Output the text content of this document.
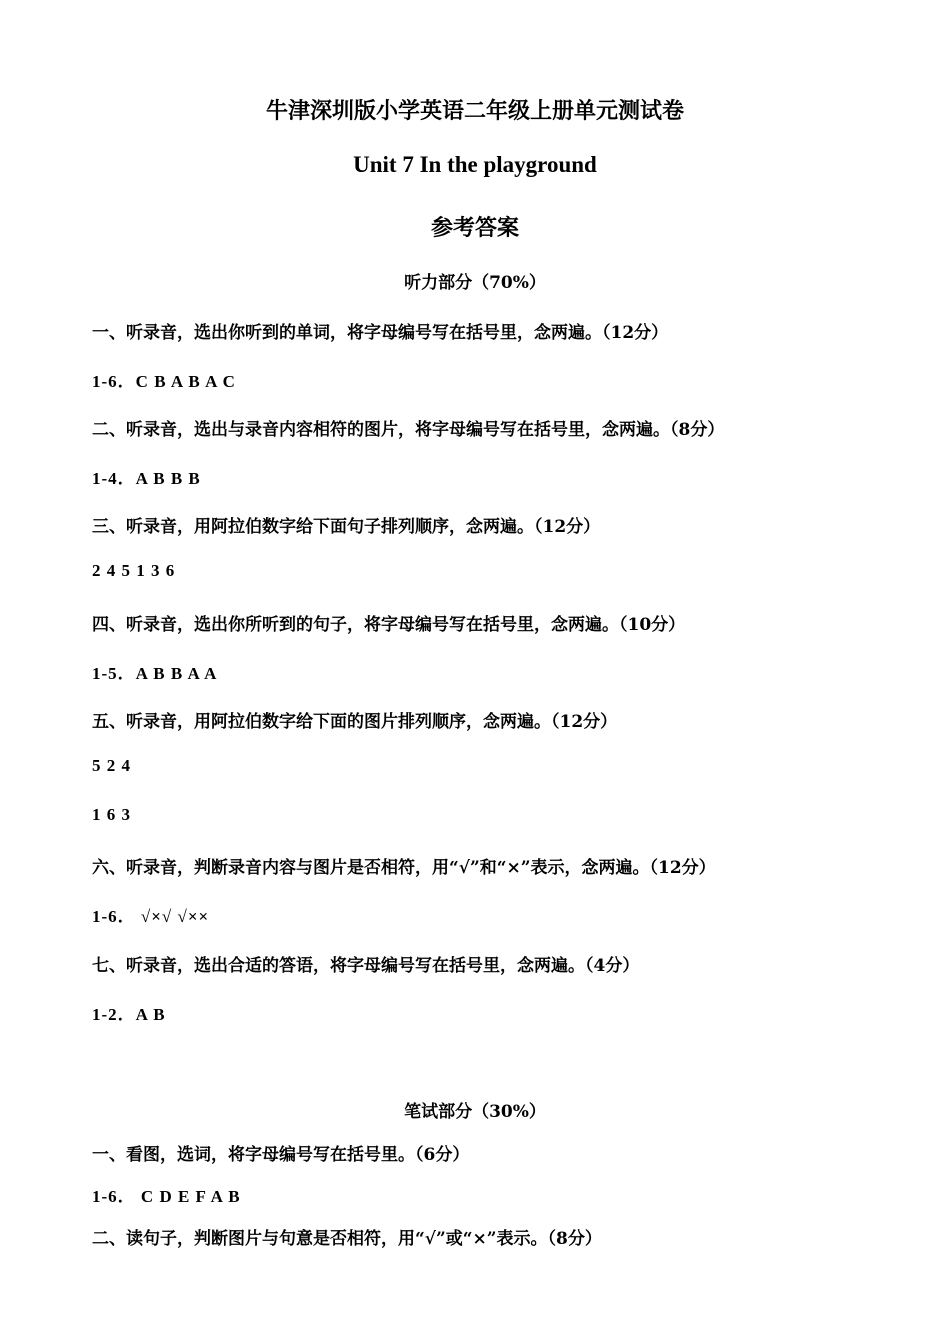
牛津深圳版小学英语二年级上册单元测试卷
Unit 7 In the playground
参考答案
听力部分（70%）
一、听录音，选出你听到的单词，将字母编号写在括号里，念两遍。（12分）
1-6．C B A B A C
二、听录音，选出与录音内容相符的图片，将字母编号写在括号里，念两遍。（8分）
1-4．A B B B
三、听录音，用阿拉伯数字给下面句子排列顺序，念两遍。（12分）
2 4 5 1 3 6
四、听录音，选出你所听到的句子，将字母编号写在括号里，念两遍。（10分）
1-5．A B B A A
五、听录音，用阿拉伯数字给下面的图片排列顺序，念两遍。（12分）
5 2 4
1 6 3
六、听录音，判断录音内容与图片是否相符，用“√”和“×”表示，念两遍。（12分）
1-6． √×√ √××
七、听录音，选出合适的答语，将字母编号写在括号里，念两遍。（4分）
1-2．A B
笔试部分（30%）
一、看图，选词，将字母编号写在括号里。（6分）
1-6． C D E F A B
二、读句子，判断图片与句意是否相符，用“√”或“×”表示。（8分）
